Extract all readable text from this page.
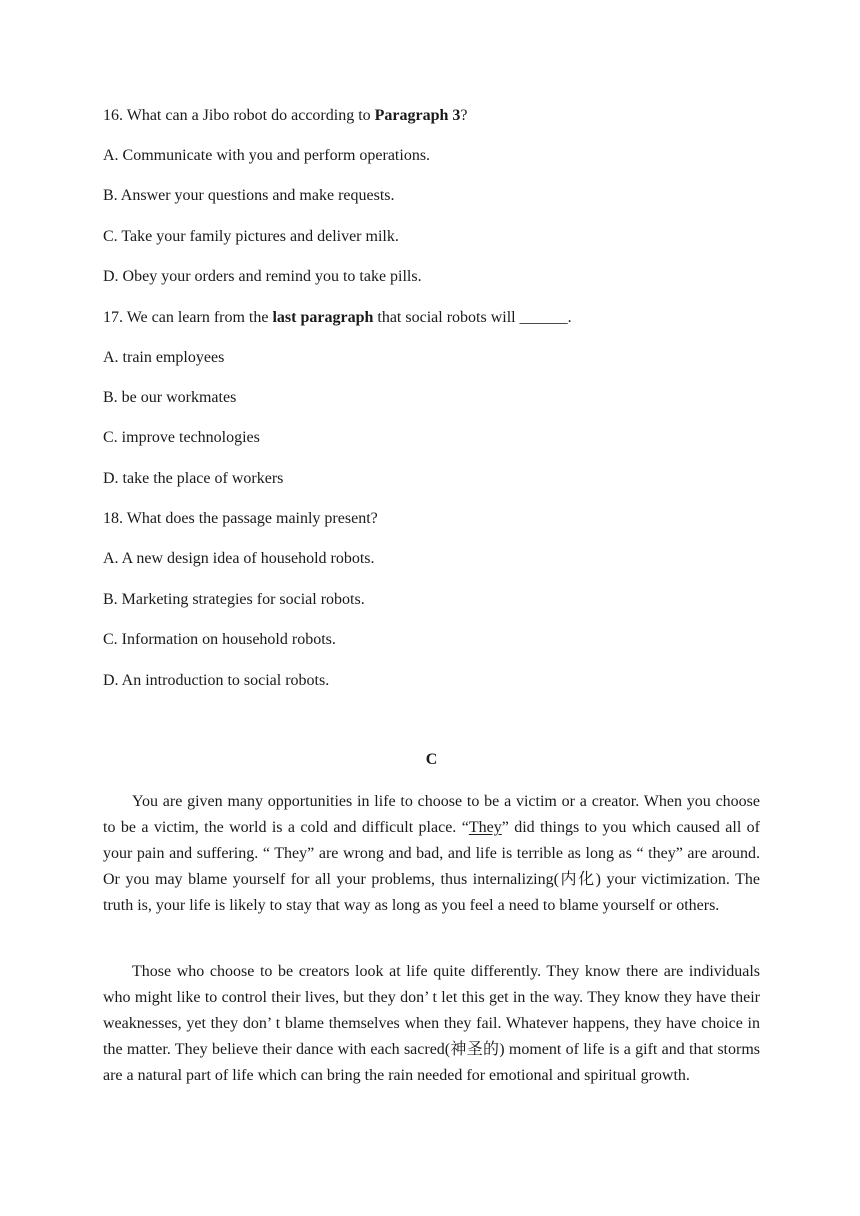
16. What can a Jibo robot do according to Paragraph 3?
A. Communicate with you and perform operations.
B. Answer your questions and make requests.
C. Take your family pictures and deliver milk.
D. Obey your orders and remind you to take pills.
17. We can learn from the last paragraph that social robots will ______.
A. train employees
B. be our workmates
C. improve technologies
D. take the place of workers
18. What does the passage mainly present?
A. A new design idea of household robots.
B. Marketing strategies for social robots.
C. Information on household robots.
D. An introduction to social robots.
C
You are given many opportunities in life to choose to be a victim or a creator. When you choose to be a victim, the world is a cold and difficult place. “They” did things to you which caused all of your pain and suffering. “ They” are wrong and bad, and life is terrible as long as “ they” are around. Or you may blame yourself for all your problems, thus internalizing(内化) your victimization. The truth is, your life is likely to stay that way as long as you feel a need to blame yourself or others.
Those who choose to be creators look at life quite differently. They know there are individuals who might like to control their lives, but they don’ t let this get in the way. They know they have their weaknesses, yet they don’ t blame themselves when they fail. Whatever happens, they have choice in the matter. They believe their dance with each sacred(神圣的) moment of life is a gift and that storms are a natural part of life which can bring the rain needed for emotional and spiritual growth.
